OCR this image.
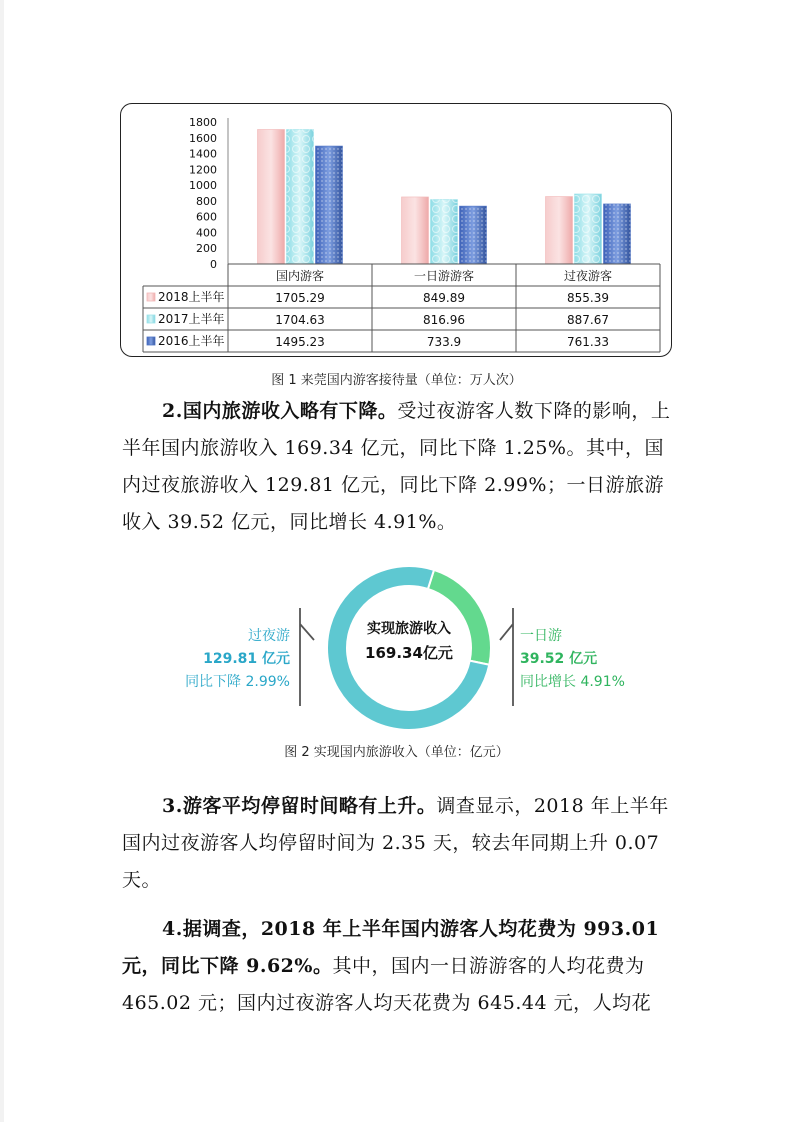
0
200
400
600
800
1000
1200
1400
1600
1800
国内游客	一日游游客	过夜游客
2018上半年	1705.29	849.89	855.39
2017上半年	1704.63	816.96	887.67
2016上半年	1495.23	733.9	761.33
图 1 来莞国内游客接待量（单位：万人次）
2.国内旅游收入略有下降。受过夜游客人数下降的影响，上半年国内旅游收入 169.34 亿元，同比下降 1.25%。其中，国内过夜旅游收入 129.81 亿元，同比下降 2.99%；一日游旅游收入 39.52 亿元，同比增长 4.91%。
实现旅游收入
169.34亿元
过夜游
129.81 亿元
同比下降 2.99%
一日游
39.52 亿元
同比增长 4.91%
图 2 实现国内旅游收入（单位：亿元）
3.游客平均停留时间略有上升。调查显示，2018 年上半年国内过夜游客人均停留时间为 2.35 天，较去年同期上升 0.07 天。
4.据调查，2018 年上半年国内游客人均花费为 993.01 元，同比下降 9.62%。其中，国内一日游游客的人均花费为 465.02 元；国内过夜游客人均天花费为 645.44 元，人均花
